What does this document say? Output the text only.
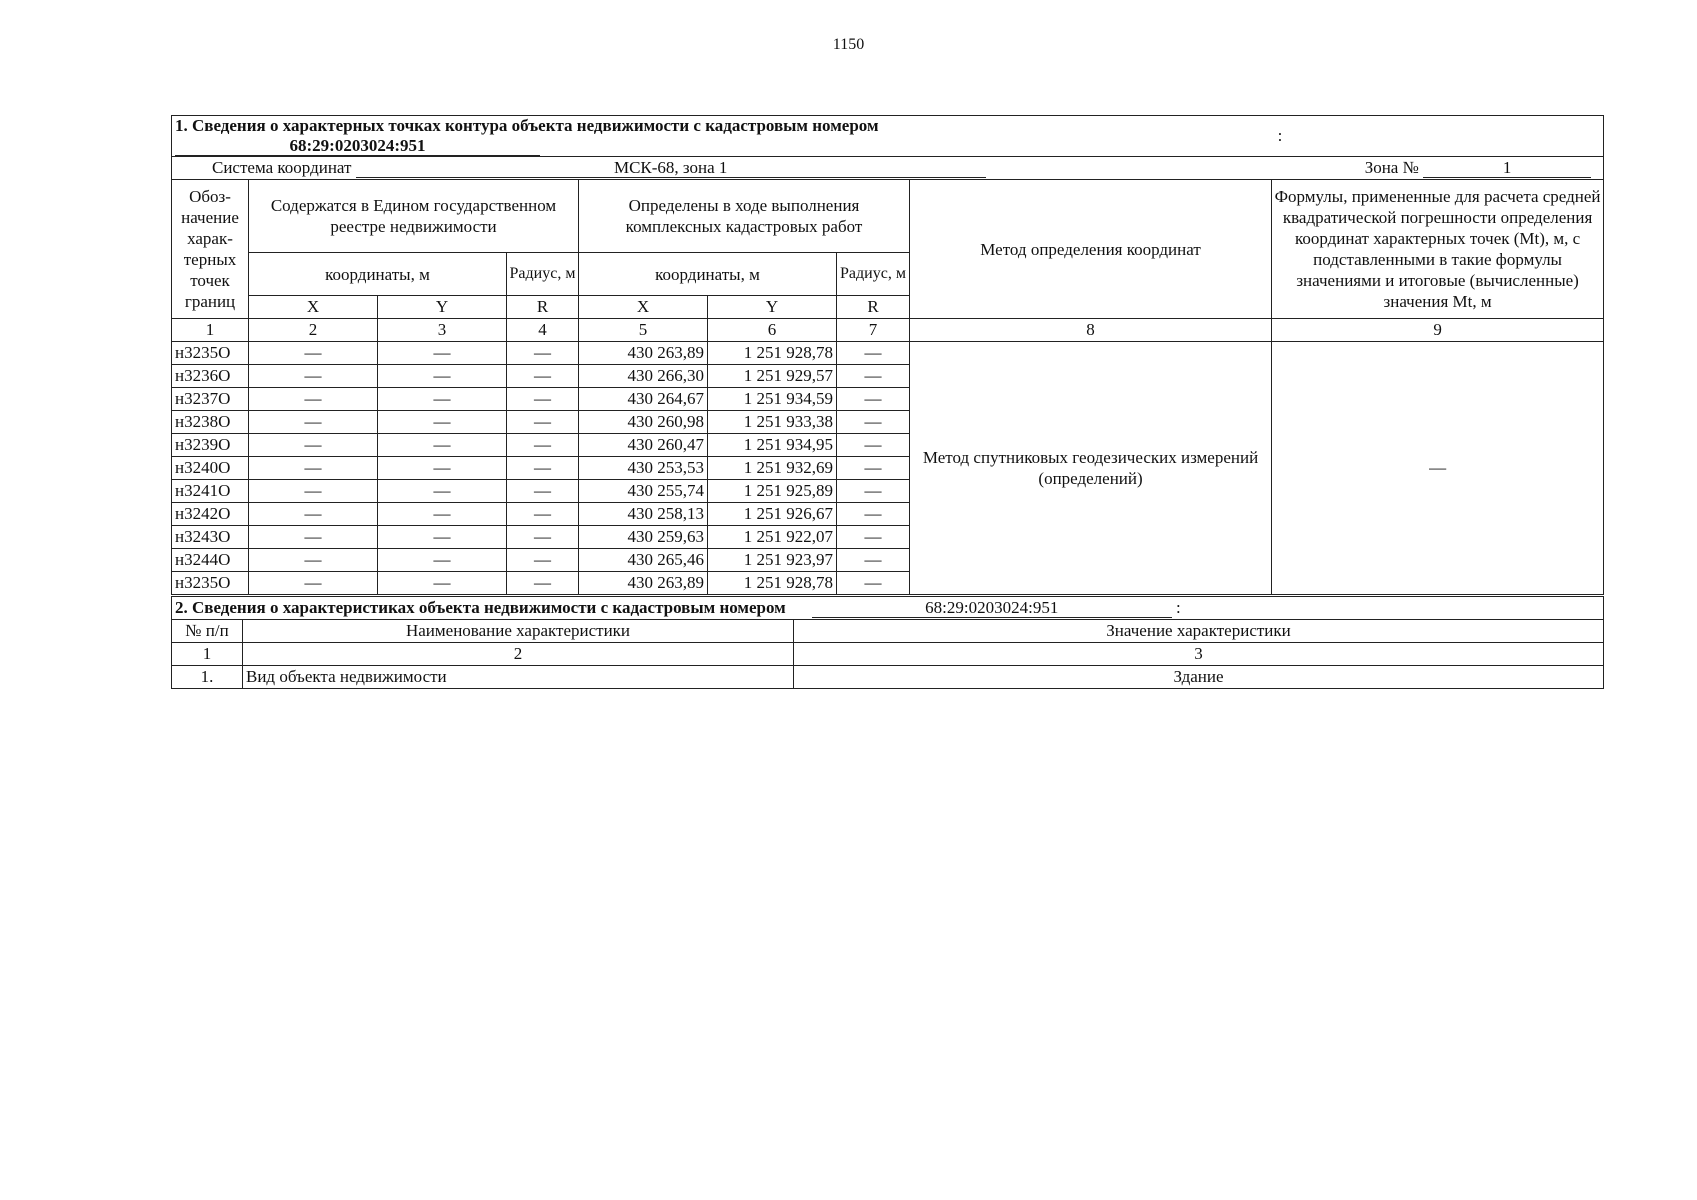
1150
1. Сведения о характерных точках контура объекта недвижимости с кадастровым номером  68:29:0203024:951								:
Система координат МСК-68, зона 1								Зона № 1
Обоз-начение харак-терных точек границ	Содержатся в Едином государственном реестре недвижимости			Определены в ходе выполнения комплексных кадастровых работ			Метод определения координат	Формулы, примененные для расчета средней квадратической погрешности определения координат характерных точек (Mt), м, с подставленными в такие формулы значениями и итоговые (вычисленные) значения Mt, м
	координаты, м		Радиус, м	координаты, м		Радиус, м		
	X	Y	R	X	Y	R		
1	2	3	4	5	6	7	8	9
н3235О	—	—	—	430 263,89	1 251 928,78	—	Метод спутниковых геодезических измерений (определений)	—
н3236О	—	—	—	430 266,30	1 251 929,57	—		
н3237О	—	—	—	430 264,67	1 251 934,59	—		
н3238О	—	—	—	430 260,98	1 251 933,38	—		
н3239О	—	—	—	430 260,47	1 251 934,95	—		
н3240О	—	—	—	430 253,53	1 251 932,69	—		
н3241О	—	—	—	430 255,74	1 251 925,89	—		
н3242О	—	—	—	430 258,13	1 251 926,67	—		
н3243О	—	—	—	430 259,63	1 251 922,07	—		
н3244О	—	—	—	430 265,46	1 251 923,97	—		
н3235О	—	—	—	430 263,89	1 251 928,78	—		
2. Сведения о характеристиках объекта недвижимости с кадастровым номером		68:29:0203024:951 :
№ п/п	Наименование характеристики	Значение характеристики
1	2	3
1.	Вид объекта недвижимости	Здание
